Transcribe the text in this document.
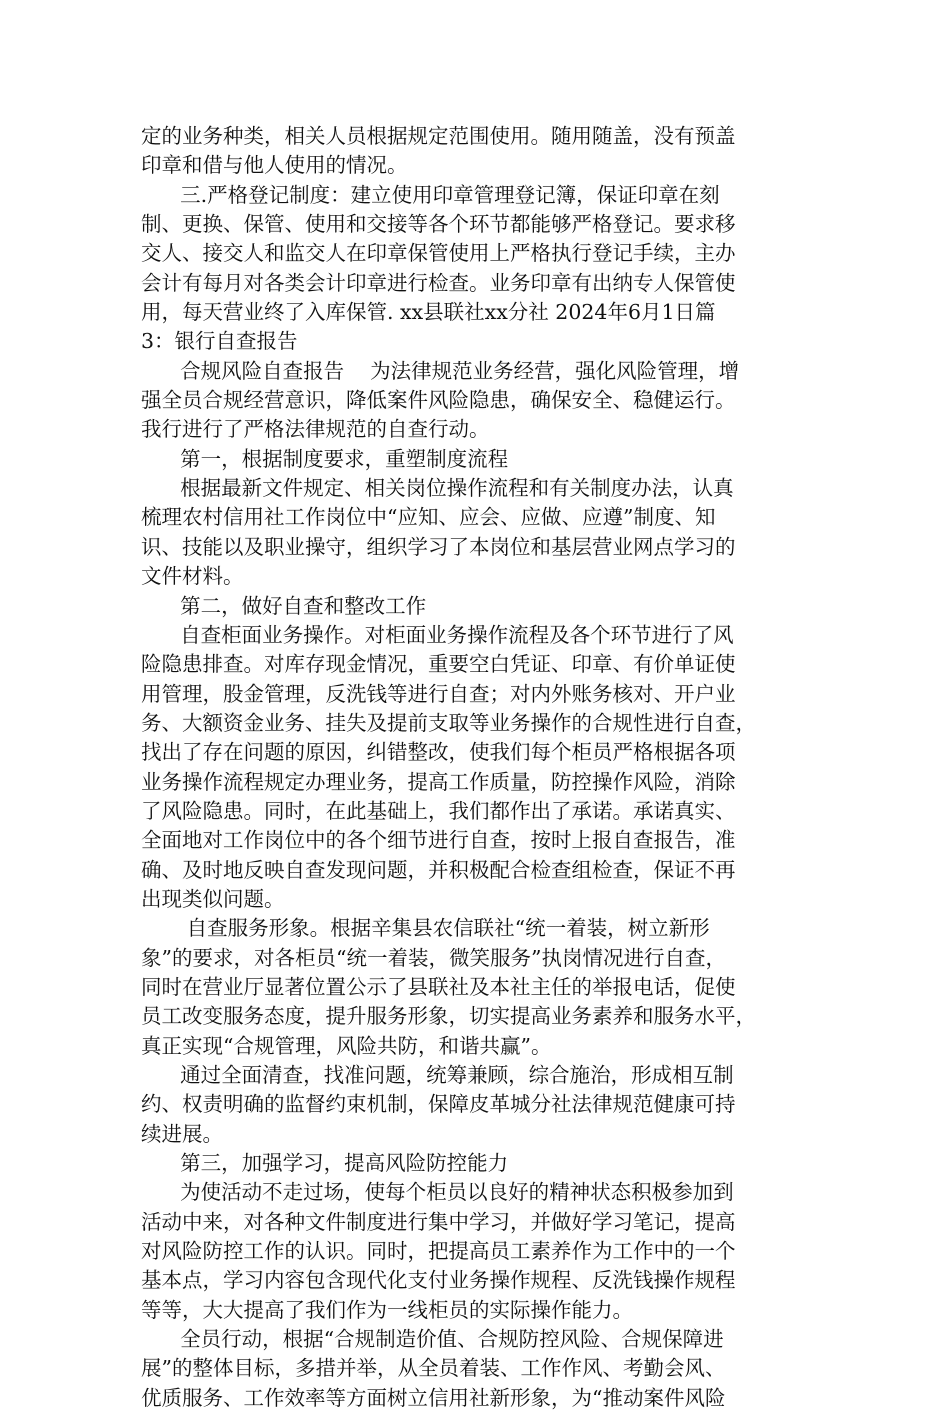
定的业务种类，相关人员根据规定范围使用。随用随盖，没有预盖
印章和借与他人使用的情况。
三.严格登记制度：建立使用印章管理登记簿，保证印章在刻
制、更换、保管、使用和交接等各个环节都能够严格登记。要求移
交人、接交人和监交人在印章保管使用上严格执行登记手续，主办
会计有每月对各类会计印章进行检查。业务印章有出纳专人保管使
用，每天营业终了入库保管. xx县联社xx分社 2024年6月1日篇
3：银行自查报告
合规风险自查报告    为法律规范业务经营，强化风险管理，增
强全员合规经营意识，降低案件风险隐患，确保安全、稳健运行。
我行进行了严格法律规范的自查行动。
第一，根据制度要求，重塑制度流程
根据最新文件规定、相关岗位操作流程和有关制度办法，认真
梳理农村信用社工作岗位中“应知、应会、应做、应遵”制度、知
识、技能以及职业操守，组织学习了本岗位和基层营业网点学习的
文件材料。
第二，做好自查和整改工作
自查柜面业务操作。对柜面业务操作流程及各个环节进行了风
险隐患排查。对库存现金情况，重要空白凭证、印章、有价单证使
用管理，股金管理，反洗钱等进行自查；对内外账务核对、开户业
务、大额资金业务、挂失及提前支取等业务操作的合规性进行自查，
找出了存在问题的原因，纠错整改，使我们每个柜员严格根据各项
业务操作流程规定办理业务，提高工作质量，防控操作风险，消除
了风险隐患。同时，在此基础上，我们都作出了承诺。承诺真实、
全面地对工作岗位中的各个细节进行自查，按时上报自查报告，准
确、及时地反映自查发现问题，并积极配合检查组检查，保证不再
出现类似问题。
自查服务形象。根据辛集县农信联社“统一着装，树立新形
象”的要求，对各柜员“统一着装，微笑服务”执岗情况进行自查，
同时在营业厅显著位置公示了县联社及本社主任的举报电话，促使
员工改变服务态度，提升服务形象，切实提高业务素养和服务水平，
真正实现“合规管理，风险共防，和谐共赢”。
通过全面清查，找准问题，统筹兼顾，综合施治，形成相互制
约、权责明确的监督约束机制，保障皮革城分社法律规范健康可持
续进展。
第三，加强学习，提高风险防控能力
为使活动不走过场，使每个柜员以良好的精神状态积极参加到
活动中来，对各种文件制度进行集中学习，并做好学习笔记，提高
对风险防控工作的认识。同时，把提高员工素养作为工作中的一个
基本点，学习内容包含现代化支付业务操作规程、反洗钱操作规程
等等，大大提高了我们作为一线柜员的实际操作能力。
全员行动，根据“合规制造价值、合规防控风险、合规保障进
展”的整体目标，多措并举，从全员着装、工作作风、考勤会风、
优质服务、工作效率等方面树立信用社新形象，为“推动案件风险
